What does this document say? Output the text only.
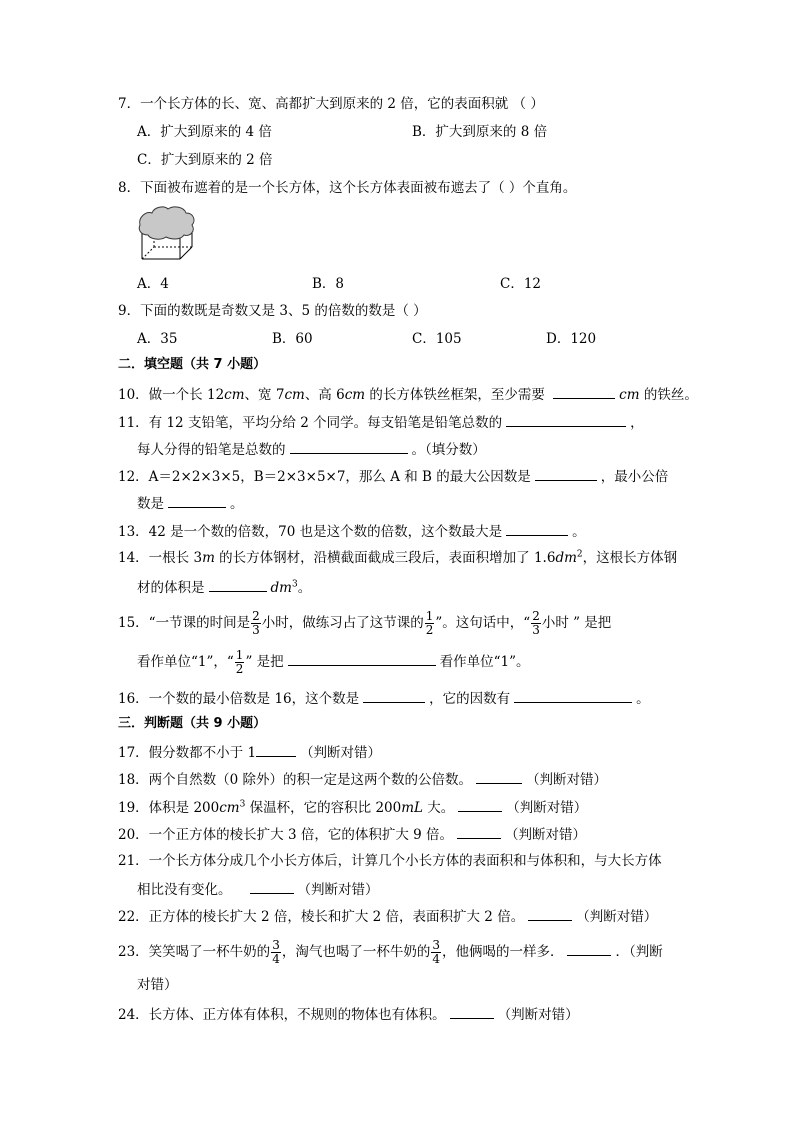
7．一个长方体的长、宽、高都扩大到原来的 2 倍，它的表面积就 （ ）
A．扩大到原来的 4 倍	B．扩大到原来的 8 倍
C．扩大到原来的 2 倍
8．下面被布遮着的是一个长方体，这个长方体表面被布遮去了（ ）个直角。
A．4	B．8	C．12
9．下面的数既是奇数又是 3、5 的倍数的数是（ ）
A．35	B．60	C．105	D．120
二．填空题（共 7 小题）
10．做一个长 12cm、宽 7cm、高 6cm 的长方体铁丝框架，至少需要	cm 的铁丝。
11．有 12 支铅笔，平均分给 2 个同学。每支铅笔是铅笔总数的	，
每人分得的铅笔是总数的	。（填分数）
12．A＝2×2×3×5，B＝2×3×5×7，那么 A 和 B 的最大公因数是	，最小公倍
数是	。
13．42 是一个数的倍数，70 也是这个数的倍数，这个数最大是	。
14．一根长 3m 的长方体钢材，沿横截面截成三段后，表面积增加了 $1.6dm^2$，这根长方体钢
材的体积是	$dm^3$。
15．“一节课的时间是 $\frac{2}{3}$ 小时，做练习占了这节课的 $\frac{1}{2}$ ”。这句话中，“ $\frac{2}{3}$ 小时 ” 是把
看作单位“1”，“ $\frac{1}{2}$ ” 是把	看作单位“1”。
16．一个数的最小倍数是 16，这个数是	，它的因数有	。
三．判断题（共 9 小题）
17．假分数都不小于 1	（判断对错）
18．两个自然数（0 除外）的积一定是这两个数的公倍数。	（判断对错）
19．体积是 $200cm^3$ 保温杯，它的容积比 200mL 大。	（判断对错）
20．一个正方体的棱长扩大 3 倍，它的体积扩大 9 倍。	（判断对错）
21．一个长方体分成几个小长方体后，计算几个小长方体的表面积和与体积和，与大长方体
相比没有变化。	（判断对错）
22．正方体的棱长扩大 2 倍，棱长和扩大 2 倍，表面积扩大 2 倍。	（判断对错）
23．笑笑喝了一杯牛奶的 $\frac{3}{4}$ ，淘气也喝了一杯牛奶的 $\frac{3}{4}$ ，他俩喝的一样多．	．（判断
对错）
24．长方体、正方体有体积，不规则的物体也有体积。	（判断对错）
